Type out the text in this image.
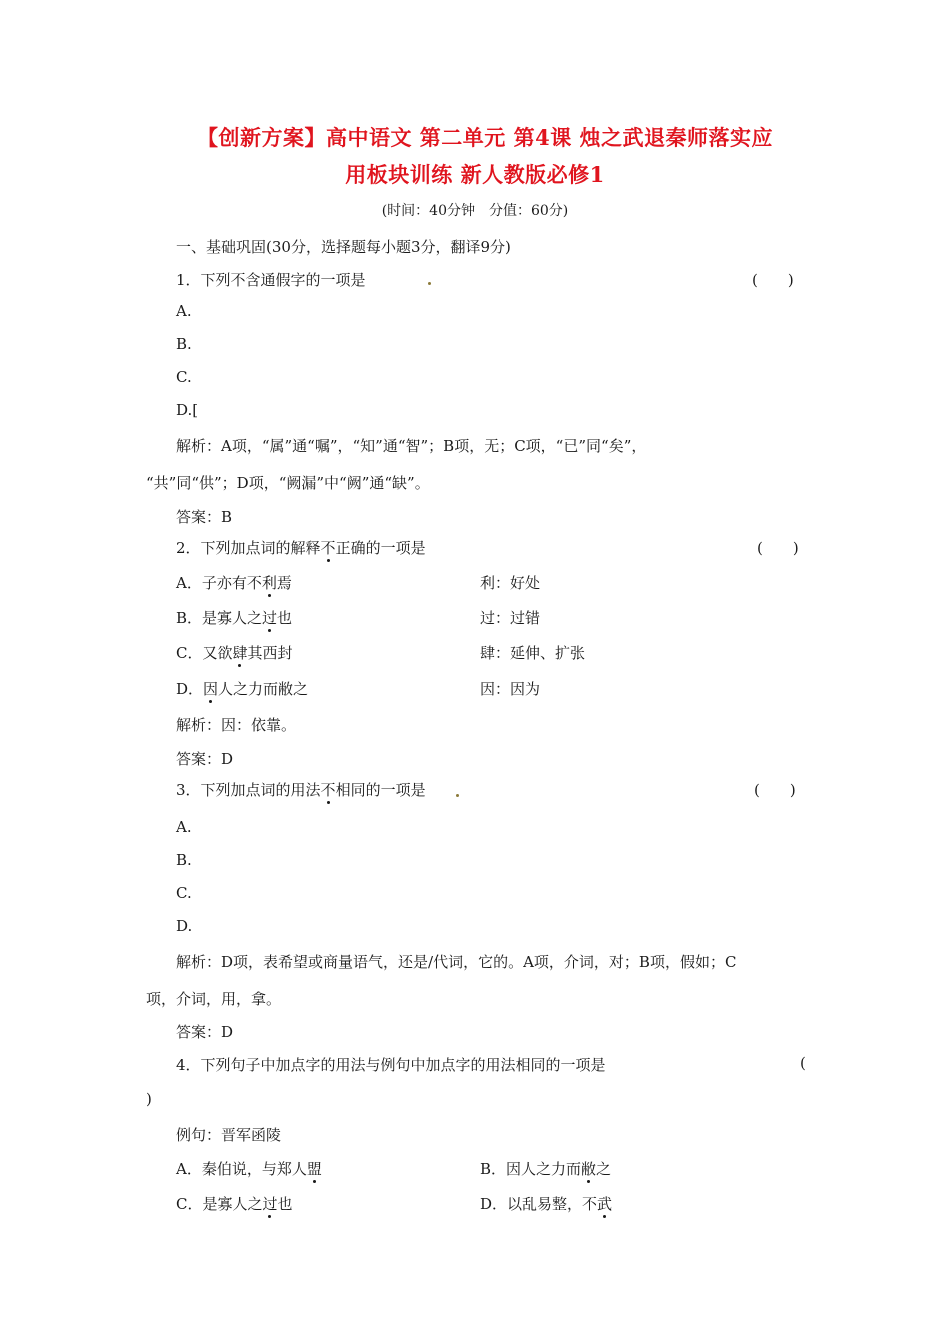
【创新方案】高中语文 第二单元 第4课 烛之武退秦师落实应
用板块训练 新人教版必修1
(时间：40分钟　分值：60分)
一、基础巩固(30分，选择题每小题3分，翻译9分)
1．下列不含通假字的一项是	(　　)
A.
B.
C.
D.[
解析：A项，“属”通“嘱”，“知”通“智”；B项，无；C项，“已”同“矣”，
“共”同“供”；D项，“阙漏”中“阙”通“缺”。
答案：B
2．下列加点词的解释不正确的一项是	(　　)
A．子亦有不利焉	利：好处
B．是寡人之过也	过：过错
C．又欲肆其西封	肆：延伸、扩张
D．因人之力而敝之	因：因为
解析：因：依靠。
答案：D
3．下列加点词的用法不相同的一项是	(　　)
A.
B.
C.
D.
解析：D项，表希望或商量语气，还是/代词，它的。A项，介词，对；B项，假如；C
项，介词，用，拿。
答案：D
4．下列句子中加点字的用法与例句中加点字的用法相同的一项是	(
)
例句：晋军函陵
A．秦伯说，与郑人盟	B．因人之力而敝之
C．是寡人之过也	D．以乱易整，不武
